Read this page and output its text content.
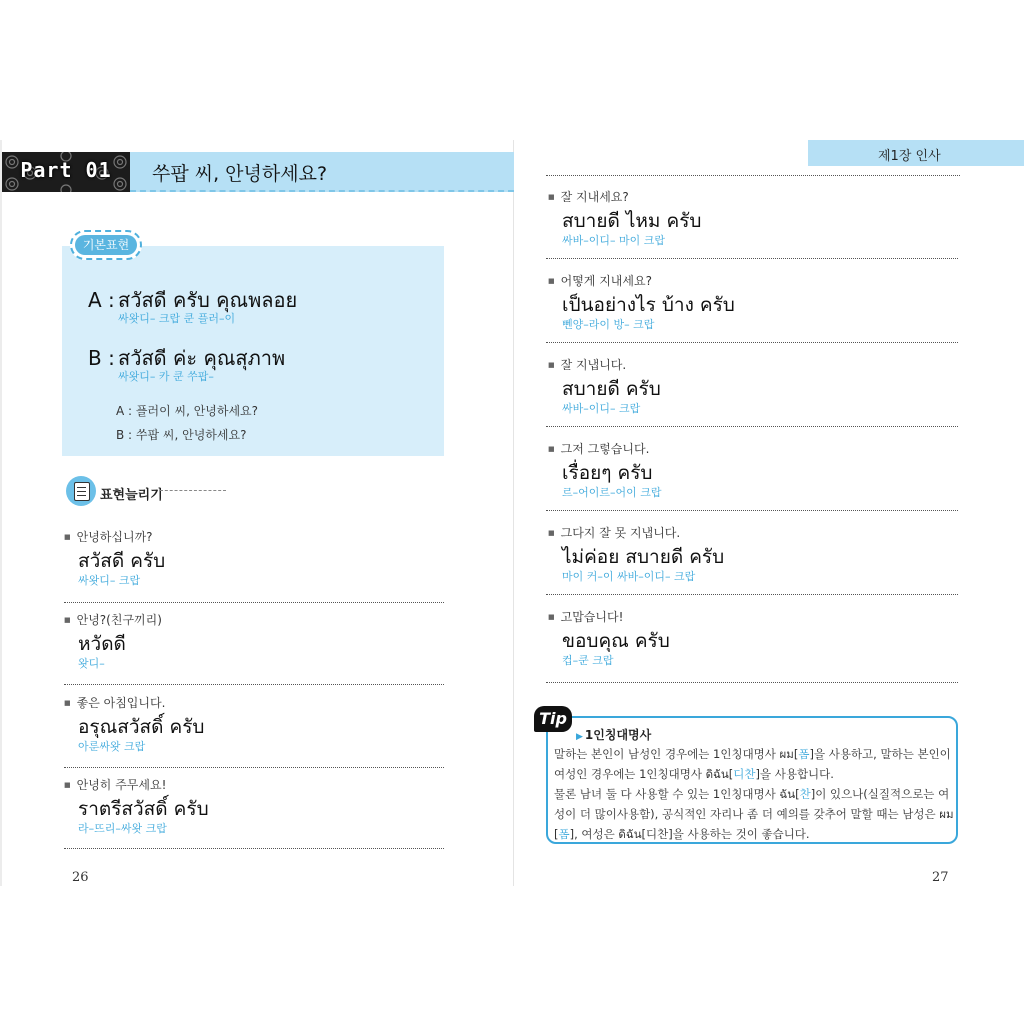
Part 01	쑤팝 씨, 안녕하세요?
기본표현
A : สวัสดี ครับ คุณพลอย
싸왓디– 크랍 쿤 플러–이
B : สวัสดี ค่ะ คุณสุภาพ
싸왓디– 카 쿤 쑤팝–
A : 플러이 씨, 안녕하세요?
B : 쑤팝 씨, 안녕하세요?
표현늘리기
■ 안녕하십니까?
สวัสดี ครับ
싸왓디– 크랍
■ 안녕?(친구끼리)
หวัดดี
왓디–
■ 좋은 아침입니다.
อรุณสวัสดิ์ ครับ
아룬싸왓 크랍
■ 안녕히 주무세요!
ราตรีสวัสดิ์ ครับ
라–뜨리–싸왓 크랍
26
제1장 인사
■ 잘 지내세요?
สบายดี ไหม ครับ
싸바–이디– 마이 크랍
■ 어떻게 지내세요?
เป็นอย่างไร บ้าง ครับ
뻰양–라이 방– 크랍
■ 잘 지냅니다.
สบายดี ครับ
싸바–이디– 크랍
■ 그저 그렇습니다.
เรื่อยๆ ครับ
르–어이르–어이 크랍
■ 그다지 잘 못 지냅니다.
ไม่ค่อย สบายดี ครับ
마이 커–이 싸바–이디– 크랍
■ 고맙습니다!
ขอบคุณ ครับ
컵–쿤 크랍
Tip
▶ 1인칭대명사
말하는 본인이 남성인 경우에는 1인칭대명사 ผม[폼]을 사용하고, 말하는 본인이
여성인 경우에는 1인칭대명사 ดิฉัน[디찬]을 사용합니다.
물론 남녀 둘 다 사용할 수 있는 1인칭대명사 ฉัน[찬]이 있으나(실질적으로는 여
성이 더 많이사용함), 공식적인 자리나 좀 더 예의를 갖추어 말할 때는 남성은 ผม
[폼], 여성은 ดิฉัน[디찬]을 사용하는 것이 좋습니다.
27
